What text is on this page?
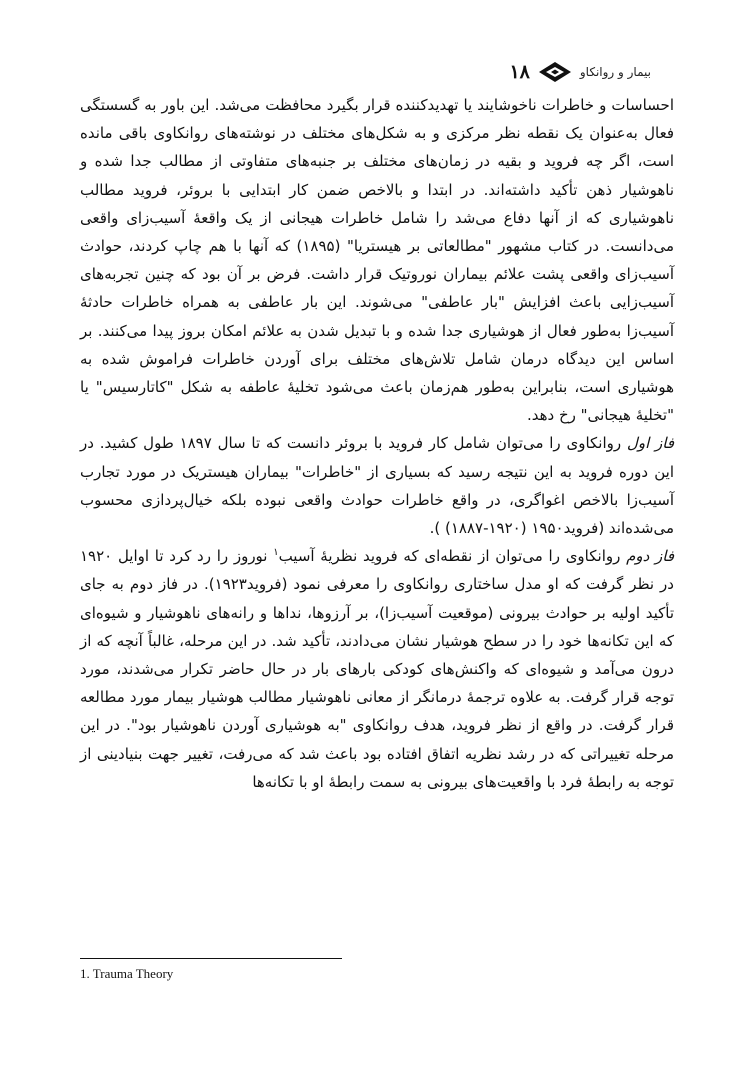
۱۸	بیمار و روانکاو

احساسات و خاطرات ناخوشایند یا تهدیدکننده قرار بگیرد محافظت می‌شد. این باور به گسستگی فعال به‌عنوان یک نقطه نظر مرکزی و به شکل‌های مختلف در نوشته‌های روانکاوی باقی مانده است، اگر چه فروید و بقیه در زمان‌های مختلف بر جنبه‌های متفاوتی از مطالب جدا شده و ناهوشیار ذهن تأکید داشته‌اند. در ابتدا و بالاخص ضمن کار ابتدایی با بروئر، فروید مطالب ناهوشیاری که از آنها دفاع می‌شد را شامل خاطرات هیجانی از یک واقعهٔ آسیب‌زای واقعی می‌دانست. در کتاب مشهور "مطالعاتی بر هیستریا" (۱۸۹۵) که آنها با هم چاپ کردند، حوادث آسیب‌زای واقعی پشت علائم بیماران نوروتیک قرار داشت. فرض بر آن بود که چنین تجربه‌های آسیب‌زایی باعث افزایش "بار عاطفی" می‌شوند. این بار عاطفی به همراه خاطرات حادثهٔ آسیب‌زا به‌طور فعال از هوشیاری جدا شده و با تبدیل شدن به علائم امکان بروز پیدا می‌کنند. بر اساس این دیدگاه درمان شامل تلاش‌های مختلف برای آوردن خاطرات فراموش شده به هوشیاری است، بنابراین به‌طور هم‌زمان باعث می‌شود تخلیهٔ عاطفه به شکل "کاتارسیس" یا "تخلیهٔ هیجانی" رخ دهد.

فاز اول روانکاوی را می‌توان شامل کار فروید با بروئر دانست که تا سال ۱۸۹۷ طول کشید. در این دوره فروید به این نتیجه رسید که بسیاری از "خاطرات" بیماران هیستریک در مورد تجارب آسیب‌زا بالاخص اغواگری، در واقع خاطرات حوادث واقعی نبوده بلکه خیال‌پردازی محسوب می‌شده‌اند (فروید۱۹۵۰ (۱۹۲۰-۱۸۸۷) ).

فاز دوم روانکاوی را می‌توان از نقطه‌ای که فروید نظریهٔ آسیب$^۱$ نوروز را رد کرد تا اوایل ۱۹۲۰ در نظر گرفت که او مدل ساختاری روانکاوی را معرفی نمود (فروید۱۹۲۳). در فاز دوم به جای تأکید اولیه بر حوادث بیرونی (موقعیت آسیب‌زا)، بر آرزوها، نداها و رانه‌های ناهوشیار و شیوه‌ای که این تکانه‌ها خود را در سطح هوشیار نشان می‌دادند، تأکید شد. در این مرحله، غالباً آنچه که از درون می‌آمد و شیوه‌ای که واکنش‌های کودکی بارهای بار در حال حاضر تکرار می‌شدند، مورد توجه قرار گرفت. به علاوه ترجمهٔ درمانگر از معانی ناهوشیار مطالب هوشیار بیمار مورد مطالعه قرار گرفت. در واقع از نظر فروید، هدف روانکاوی "به هوشیاری آوردن ناهوشیار بود". در این مرحله تغییراتی که در رشد نظریه اتفاق افتاده بود باعث شد که می‌رفت، تغییر جهت بنیادینی از توجه به رابطهٔ فرد با واقعیت‌های بیرونی به سمت رابطهٔ او با تکانه‌ها

1. Trauma Theory
